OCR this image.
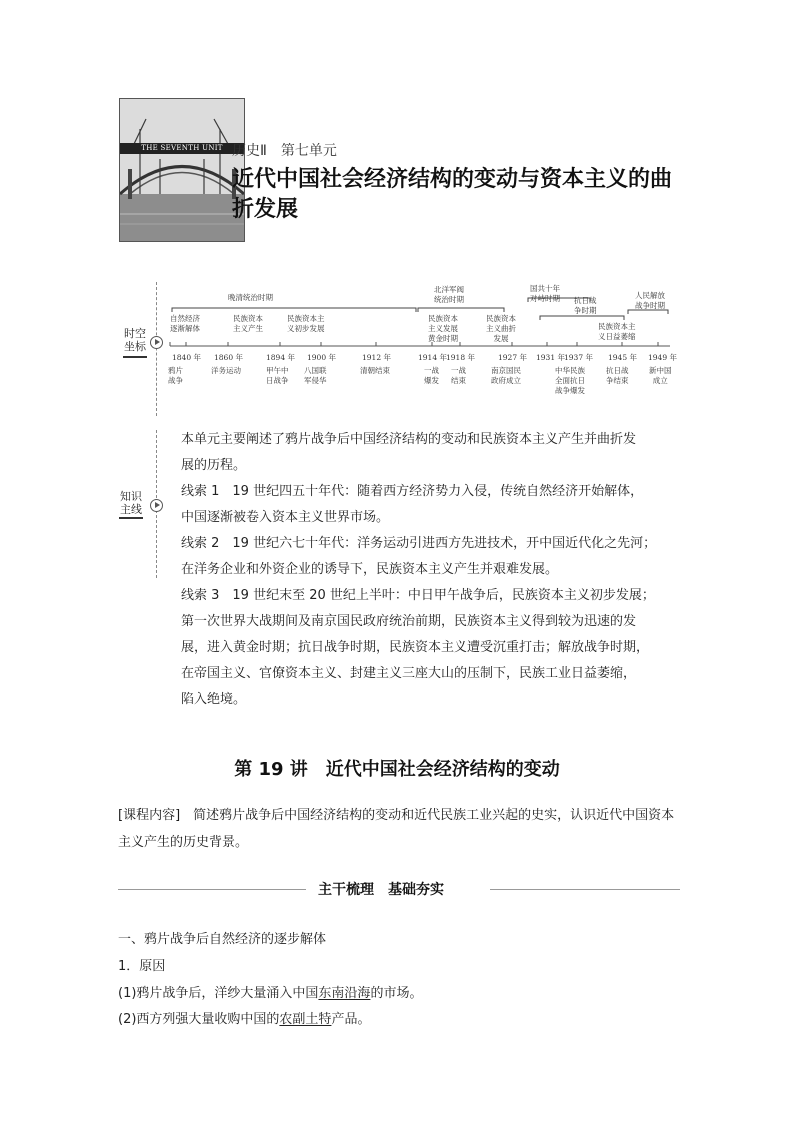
THE SEVENTH UNIT 历史Ⅱ　第七单元
近代中国社会经济结构的变动与资本主义的曲折发展
时空
坐标
晚清统治时期
北洋军阀
统治时期
国共十年
对峙时期 抗日战
争时期
人民解放
战争时期
自然经济
逐渐解体
民族资本
主义产生
民族资本主
义初步发展
民族资本
主义发展
黄金时期
民族资本
主义曲折
发展
民族资本主
义日益萎缩
1840 年 1860 年	1894 年 1900 年	1912 年	1914 年 1918 年	1927 年 1931 年 1937 年 1945 年 1949 年
鸦片
战争
洋务运动	甲午中
日战争
八国联
军侵华
清朝结束	一战
爆发
一战
结束
南京国民
政府成立
中华民族
全面抗日
战争爆发
抗日战
争结束
新中国
成立
知识
主线
本单元主要阐述了鸦片战争后中国经济结构的变动和民族资本主义产生并曲折发
展的历程。
线索 1　19 世纪四五十年代：随着西方经济势力入侵，传统自然经济开始解体，
中国逐渐被卷入资本主义世界市场。
线索 2　19 世纪六七十年代：洋务运动引进西方先进技术，开中国近代化之先河；
在洋务企业和外资企业的诱导下，民族资本主义产生并艰难发展。
线索 3　19 世纪末至 20 世纪上半叶：中日甲午战争后，民族资本主义初步发展；
第一次世界大战期间及南京国民政府统治前期，民族资本主义得到较为迅速的发
展，进入黄金时期；抗日战争时期，民族资本主义遭受沉重打击；解放战争时期，
在帝国主义、官僚资本主义、封建主义三座大山的压制下，民族工业日益萎缩，
陷入绝境。
第 19 讲　近代中国社会经济结构的变动
[课程内容]　简述鸦片战争后中国经济结构的变动和近代民族工业兴起的史实，认识近代中国资本主义产生的历史背景。
主干梳理　基础夯实
一、鸦片战争后自然经济的逐步解体
1．原因
(1)鸦片战争后，洋纱大量涌入中国东南沿海的市场。
(2)西方列强大量收购中国的农副土特产品。
